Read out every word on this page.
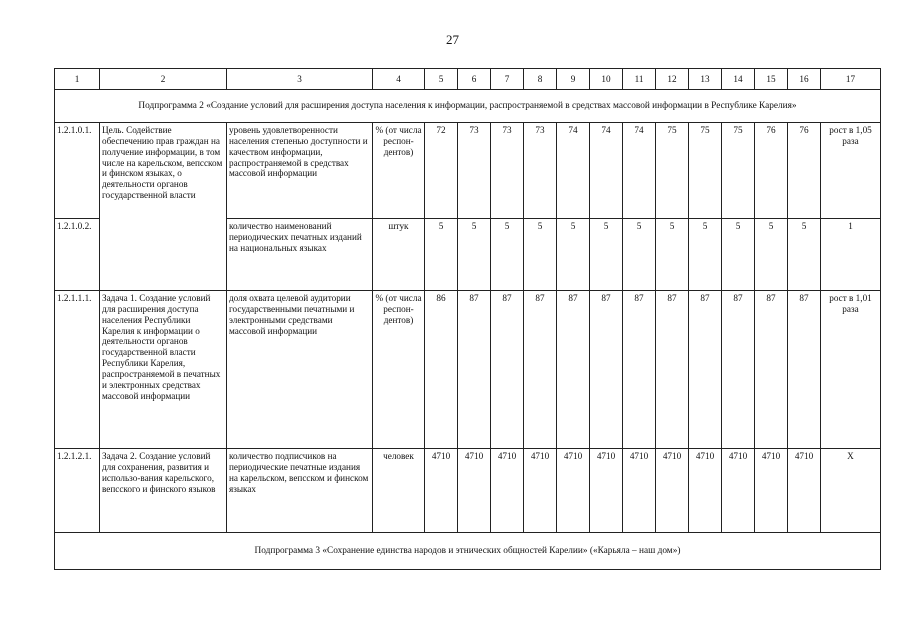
27
1	2	3	4	5	6	7	8	9	10	11	12	13	14	15	16	17
Подпрограмма 2 «Создание условий для расширения доступа населения к информации, распространяемой в средствах массовой информации в Республике Карелия»																
1.2.1.0.1.	Цель. Содействие обеспечению прав граждан на получение информации, в том числе на карельском, вепсском и финском языках, о деятельности органов государственной власти	уровень удовлетворенности населения степенью доступности и качеством информации, распространяемой в средствах массовой информации	% (от числа респон-дентов)	72	73	73	73	74	74	74	75	75	75	76	76	рост в 1,05 раза
1.2.1.0.2.		количество наименований периодических печатных изданий на национальных языках	штук	5	5	5	5	5	5	5	5	5	5	5	5	1
1.2.1.1.1.	Задача 1. Создание условий для расширения доступа населения Республики Карелия к информации о деятельности органов государственной власти Республики Карелия, распространяемой в печатных и электронных средствах массовой информации	доля охвата целевой аудитории государственными печатными и электронными средствами массовой информации	% (от числа респон-дентов)	86	87	87	87	87	87	87	87	87	87	87	87	рост в 1,01 раза
1.2.1.2.1.	Задача 2. Создание условий для сохранения, развития и использо-вания карельского, вепсского и финского языков	количество подписчиков на периодические печатные издания на карельском, вепсском и финском языках	человек	4710	4710	4710	4710	4710	4710	4710	4710	4710	4710	4710	4710	Х
Подпрограмма 3 «Сохранение единства народов и этнических общностей Карелии» («Карьяла – наш дом»)																
